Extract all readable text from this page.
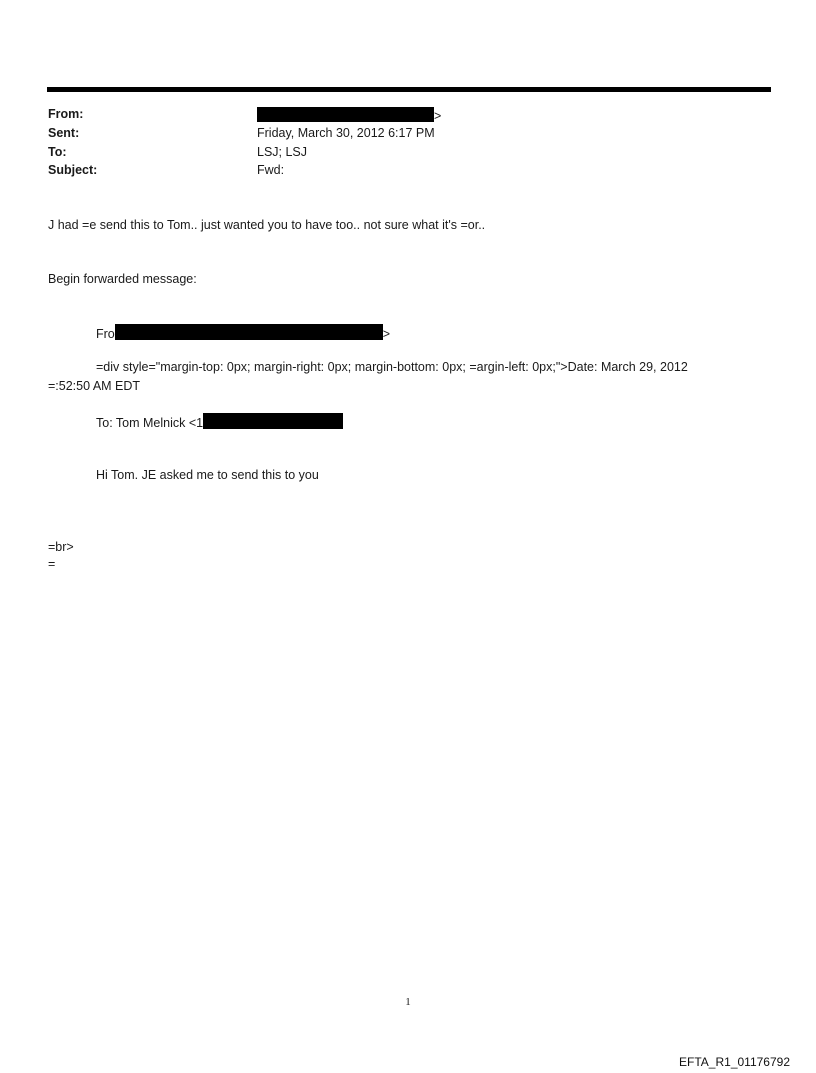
From:	>
Sent:	Friday, March 30, 2012 6:17 PM
To:	LSJ; LSJ
Subject:	Fwd:
J had =e send this to Tom.. just wanted you to have too.. not sure what it's =or..
Begin forwarded message:
Fro	>
=div style="margin-top: 0px; margin-right: 0px; margin-bottom: 0px; =argin-left: 0px;">Date: March 29, 2012
=:52:50 AM EDT
To: Tom Melnick <1
Hi Tom. JE asked me to send this to you
=br>
=
1
EFTA_R1_01176792
